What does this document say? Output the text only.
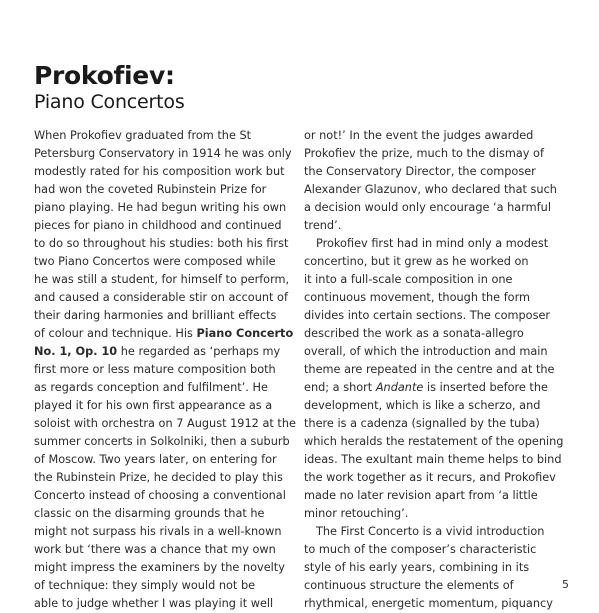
Prokofiev:
Piano Concertos
When Prokofiev graduated from the St
Petersburg Conservatory in 1914 he was only
modestly rated for his composition work but
had won the coveted Rubinstein Prize for
piano playing. He had begun writing his own
pieces for piano in childhood and continued
to do so throughout his studies: both his first
two Piano Concertos were composed while
he was still a student, for himself to perform,
and caused a considerable stir on account of
their daring harmonies and brilliant effects
of colour and technique. His Piano Concerto
No. 1, Op. 10 he regarded as ‘perhaps my
first more or less mature composition both
as regards conception and fulfilment’. He
played it for his own first appearance as a
soloist with orchestra on 7 August 1912 at the
summer concerts in Solkolniki, then a suburb
of Moscow. Two years later, on entering for
the Rubinstein Prize, he decided to play this
Concerto instead of choosing a conventional
classic on the disarming grounds that he
might not surpass his rivals in a well-known
work but ‘there was a chance that my own
might impress the examiners by the novelty
of technique: they simply would not be
able to judge whether I was playing it well
or not!’ In the event the judges awarded
Prokofiev the prize, much to the dismay of
the Conservatory Director, the composer
Alexander Glazunov, who declared that such
a decision would only encourage ‘a harmful
trend’.
Prokofiev first had in mind only a modest
concertino, but it grew as he worked on
it into a full-scale composition in one
continuous movement, though the form
divides into certain sections. The composer
described the work as a sonata-allegro
overall, of which the introduction and main
theme are repeated in the centre and at the
end; a short Andante is inserted before the
development, which is like a scherzo, and
there is a cadenza (signalled by the tuba)
which heralds the restatement of the opening
ideas. The exultant main theme helps to bind
the work together as it recurs, and Prokofiev
made no later revision apart from ‘a little
minor retouching’.
The First Concerto is a vivid introduction
to much of the composer’s characteristic
style of his early years, combining in its
continuous structure the elements of
rhythmical, energetic momentum, piquancy
5
